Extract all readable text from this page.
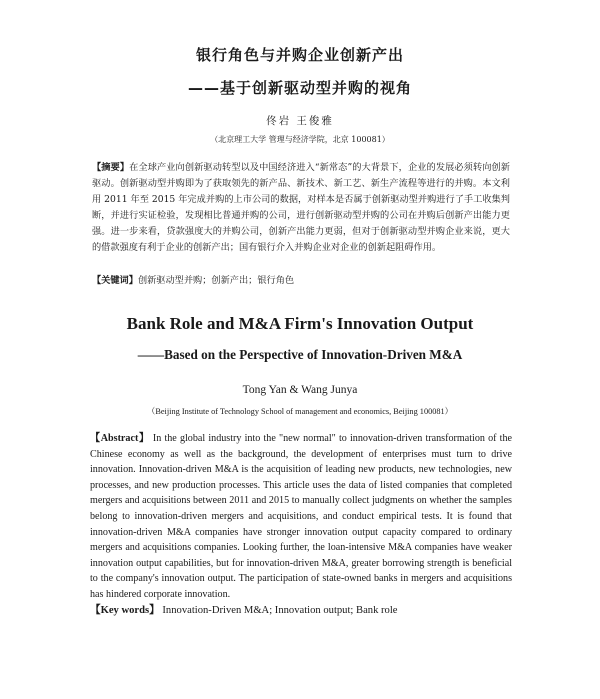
银行角色与并购企业创新产出
——基于创新驱动型并购的视角
佟岩 王俊雅
（北京理工大学 管理与经济学院，北京 100081）
【摘要】在全球产业向创新驱动转型以及中国经济进入“新常态”的大背景下，企业的发展必须转向创新驱动。创新驱动型并购即为了获取领先的新产品、新技术、新工艺、新生产流程等进行的并购。本文利用 2011 年至 2015 年完成并购的上市公司的数据，对样本是否属于创新驱动型并购进行了手工收集判断，并进行实证检验，发现相比普通并购的公司，进行创新驱动型并购的公司在并购后创新产出能力更强。进一步来看，贷款强度大的并购公司，创新产出能力更弱，但对于创新驱动型并购企业来说，更大的借款强度有利于企业的创新产出；国有银行介入并购企业对企业的创新起阻碍作用。
【关键词】创新驱动型并购；创新产出；银行角色
Bank Role and M&A Firm's Innovation Output
——Based on the Perspective of Innovation-Driven M&A
Tong Yan & Wang Junya
（Beijing Institute of Technology School of management and economics, Beijing 100081）
【Abstract】 In the global industry into the "new normal" to innovation-driven transformation of the Chinese economy as well as the background, the development of enterprises must turn to drive innovation. Innovation-driven M&A is the acquisition of leading new products, new technologies, new processes, and new production processes. This article uses the data of listed companies that completed mergers and acquisitions between 2011 and 2015 to manually collect judgments on whether the samples belong to innovation-driven mergers and acquisitions, and conduct empirical tests. It is found that innovation-driven M&A companies have stronger innovation output capacity compared to ordinary mergers and acquisitions companies. Looking further, the loan-intensive M&A companies have weaker innovation output capabilities, but for innovation-driven M&A, greater borrowing strength is beneficial to the company's innovation output. The participation of state-owned banks in mergers and acquisitions has hindered corporate innovation.
【Key words】 Innovation-Driven M&A; Innovation output; Bank role
